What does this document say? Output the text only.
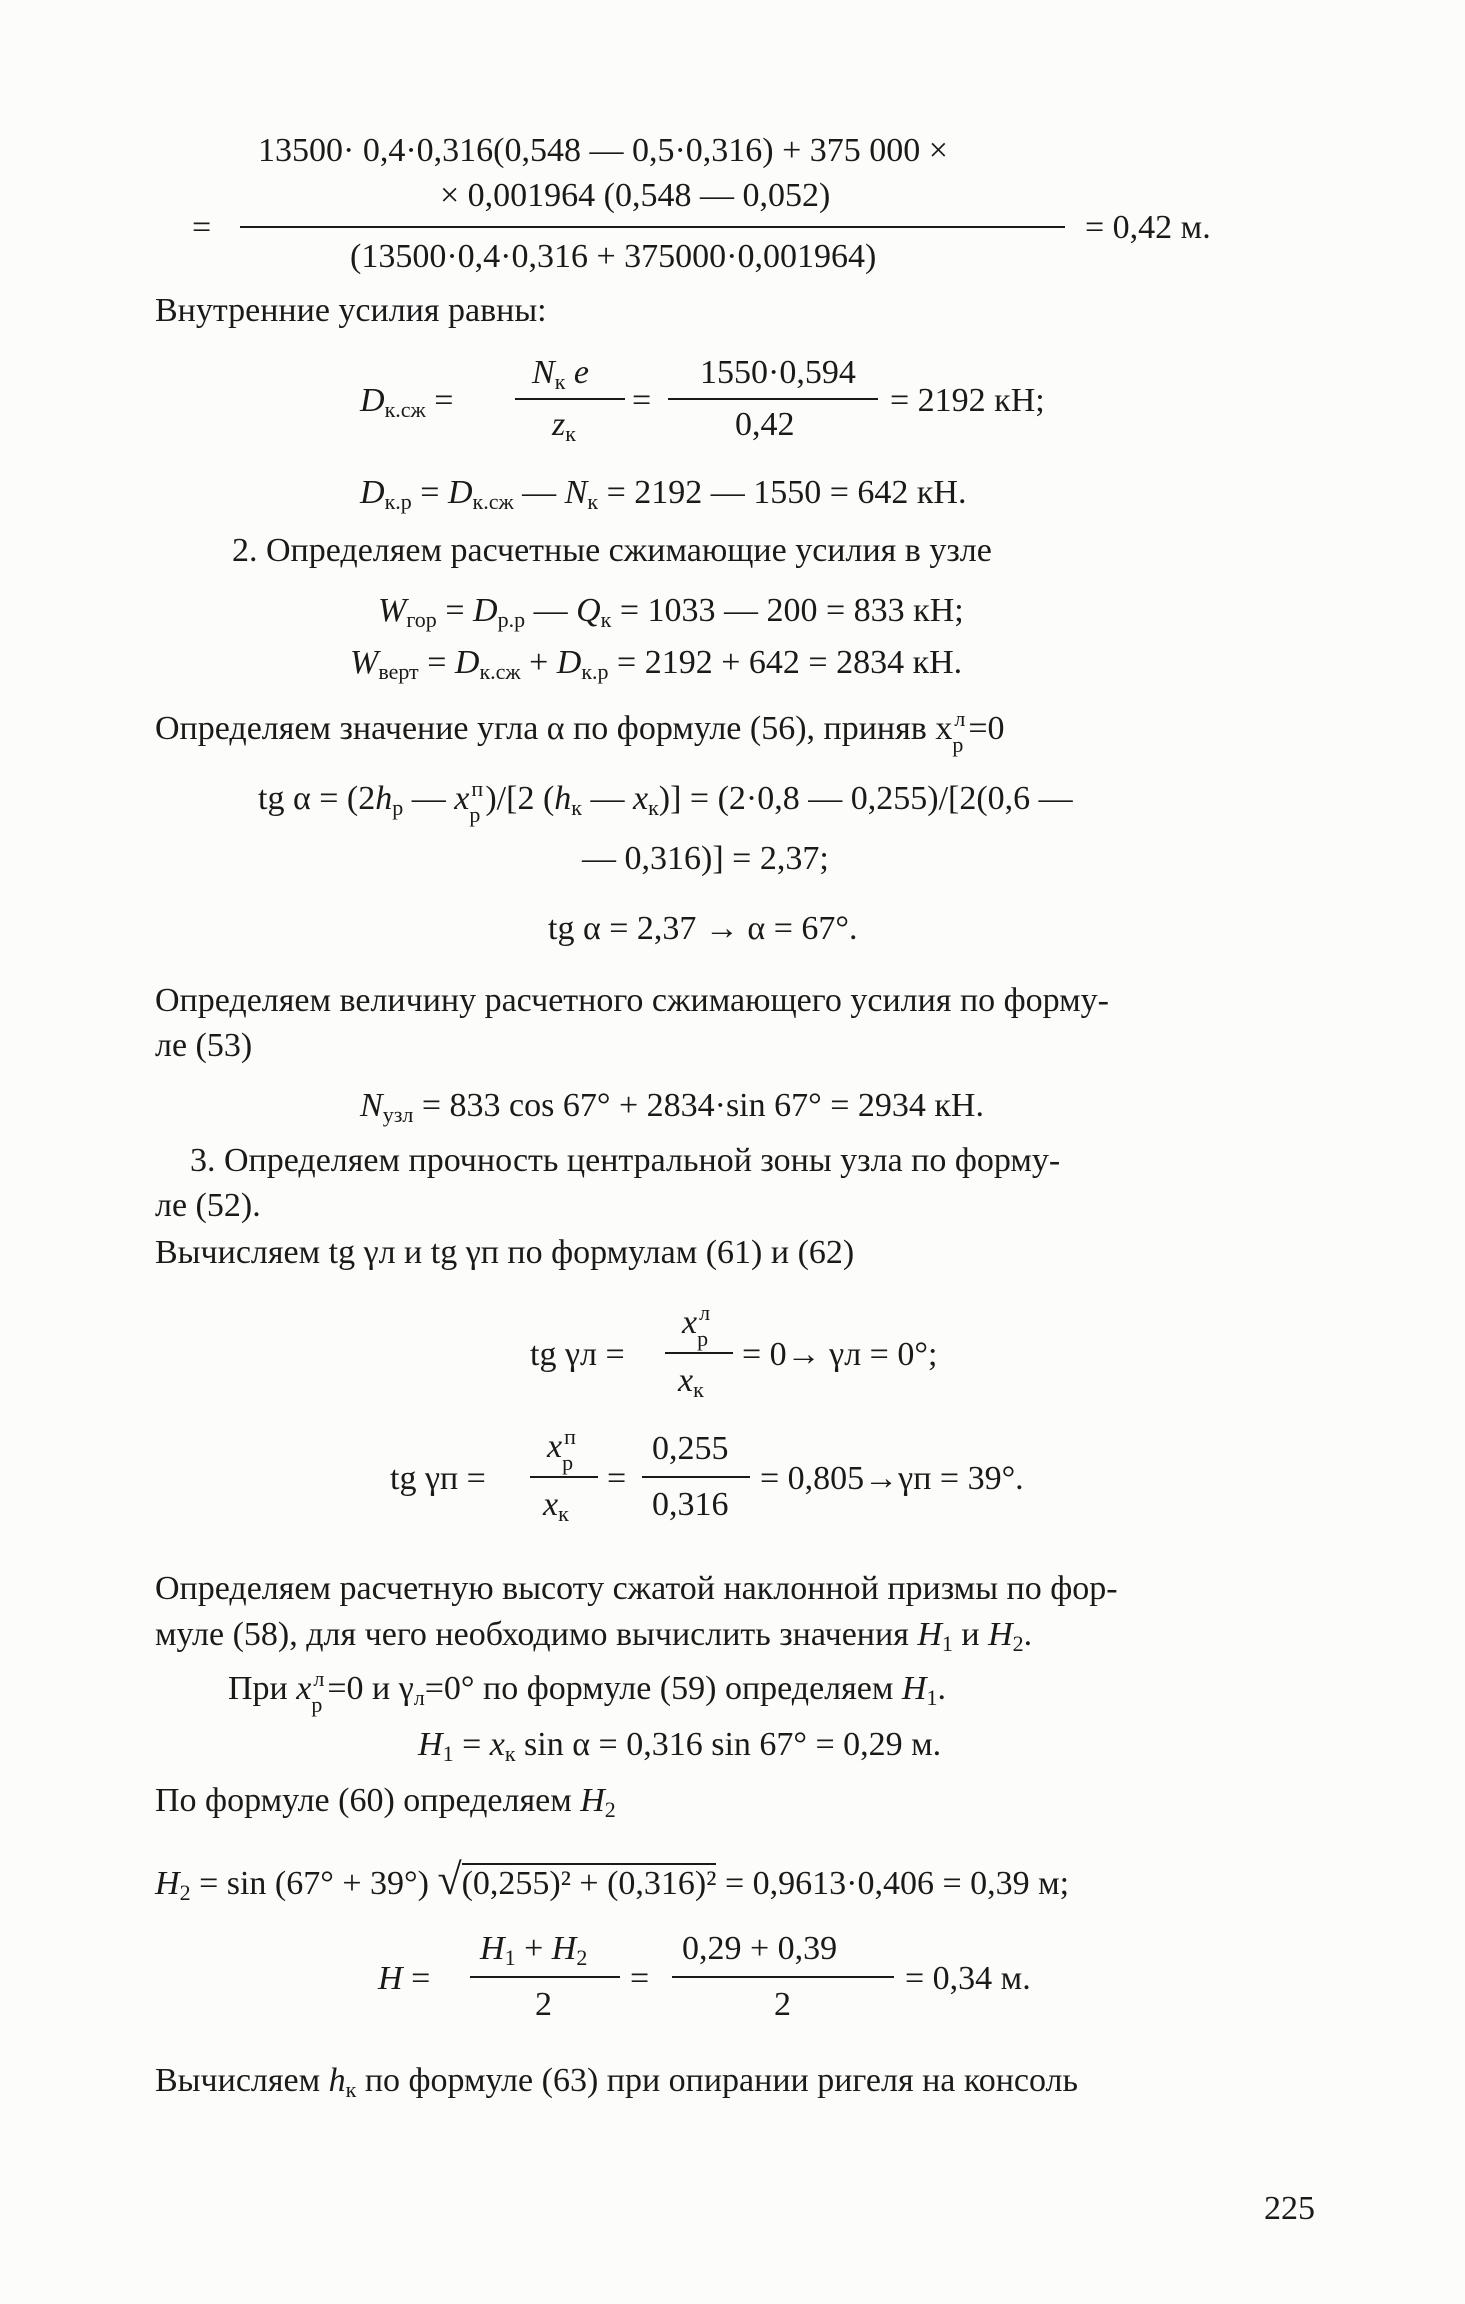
13500· 0,4·0,316(0,548 — 0,5·0,316) + 375 000 ×
× 0,001964 (0,548 — 0,052)
=
(13500·0,4·0,316 + 375000·0,001964)
= 0,42 м.
Внутренние усилия равны:
$D_{к.сж}$ =
$N_к$ e
$z_к$
=
1550·0,594
0,42
= 2192 кН;
$D_{к.р} = D_{к.сж}$ — $N_к = 2192$ — 1550 = 642 кН.
2. Определяем расчетные сжимающие усилия в узле
$W_{гор} = D_{р.р}$ — $Q_к = 1033$ — 200 = 833 кН;
$W_{верт} = D_{к.сж} + D_{к.р} = 2192 + 642 = 2834$ кН.
Определяем значение угла α по формуле (56), приняв x л
р =0
tg $\alpha = (2h_р$ — x п
р )/[2 ($h_к$ — $x_к)] = (2\cdot 0,8$ — 0,255)/[2(0,6 —
— 0,316)] = 2,37;
tg α = 2,37 → α = 67°.
Определяем величину расчетного сжимающего усилия по форму-
ле (53)
$N_{узл} = 833$ cos 67° + 2834·sin 67° = 2934 кН.
3. Определяем прочность центральной зоны узла по форму-
ле (52).
Вычисляем tg γл и tg γп по формулам (61) и (62)
tg γл =
x л
р
$x_к$
= 0→ γл = 0°;
tg γп =
x п
р
$x_к$
=
0,255
0,316
= 0,805→γп = 39°.
Определяем расчетную высоту сжатой наклонной призмы по фор-
муле (58), для чего необходимо вычислить значения $H_1$ и $H_2$.
При x л
р =0 и $\gamma_л=0^\circ$ по формуле (59) определяем $H_1$.
$H_1 = x_к$ sin α = 0,316 sin 67° = 0,29 м.
По формуле (60) определяем $H_2$
$H_2 = \sin (67^\circ + 39^\circ) √(0,255)^2 + (0,316)^2 = 0,9613\cdot 0,406 = 0,39$ м;
H =
$H_1 + H_2$
2
=
0,29 + 0,39
2
= 0,34 м.
Вычисляем $h_к$ по формуле (63) при опирании ригеля на консоль
225
